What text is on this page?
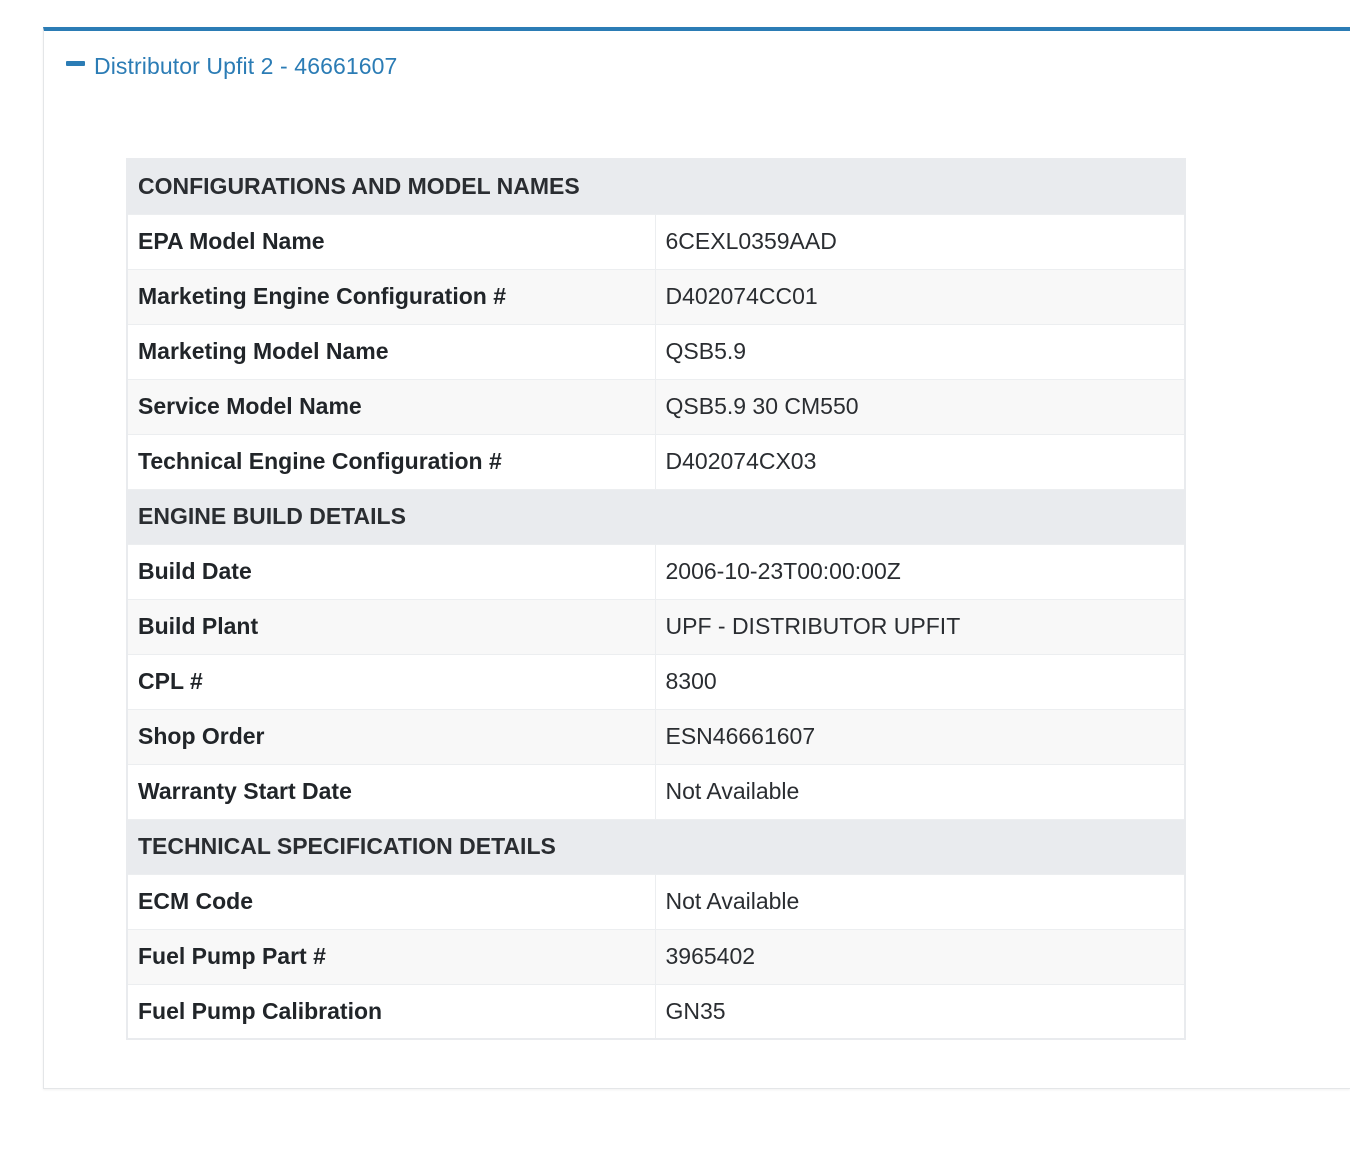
Distributor Upfit 2 - 46661607
CONFIGURATIONS AND MODEL NAMES	
EPA Model Name	6CEXL0359AAD
Marketing Engine Configuration #	D402074CC01
Marketing Model Name	QSB5.9
Service Model Name	QSB5.9 30 CM550
Technical Engine Configuration #	D402074CX03
ENGINE BUILD DETAILS	
Build Date	2006-10-23T00:00:00Z
Build Plant	UPF - DISTRIBUTOR UPFIT
CPL #	8300
Shop Order	ESN46661607
Warranty Start Date	Not Available
TECHNICAL SPECIFICATION DETAILS	
ECM Code	Not Available
Fuel Pump Part #	3965402
Fuel Pump Calibration	GN35
